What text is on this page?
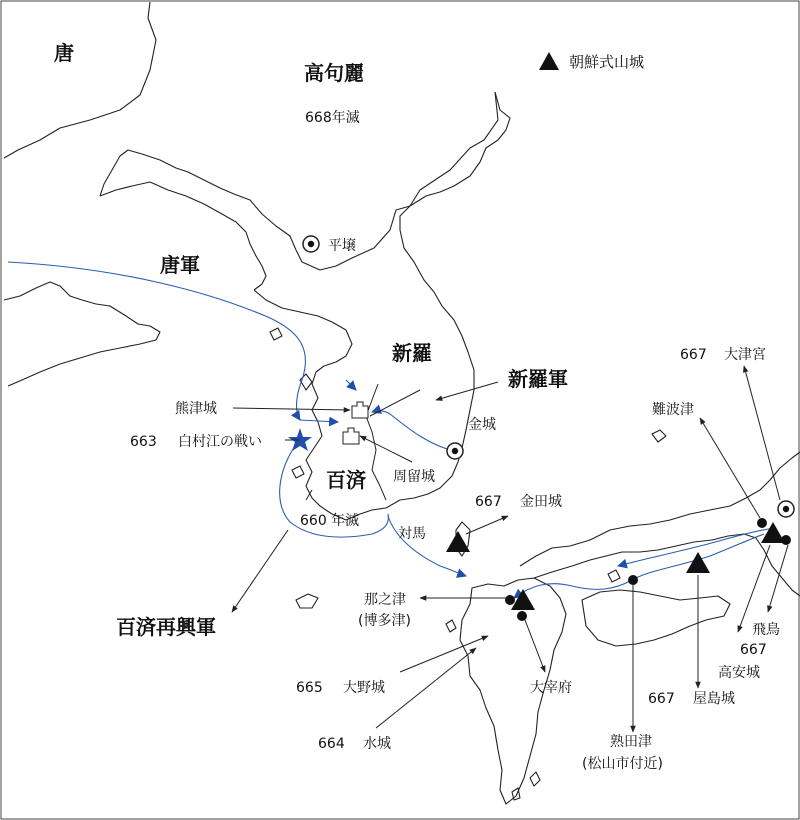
唐
高句麗
668年滅
朝鮮式山城
平壌
唐軍
新羅
新羅軍
熊津城
金城
663 白村江の戦い
周留城
百済
667 金田城
660 年滅
対馬
那之津
(博多津)
百済再興軍
665 大野城	大宰府
664 水城	熟田津
(松山市付近)
667 屋島城
667
高安城
飛鳥
難波津
667 大津宮
